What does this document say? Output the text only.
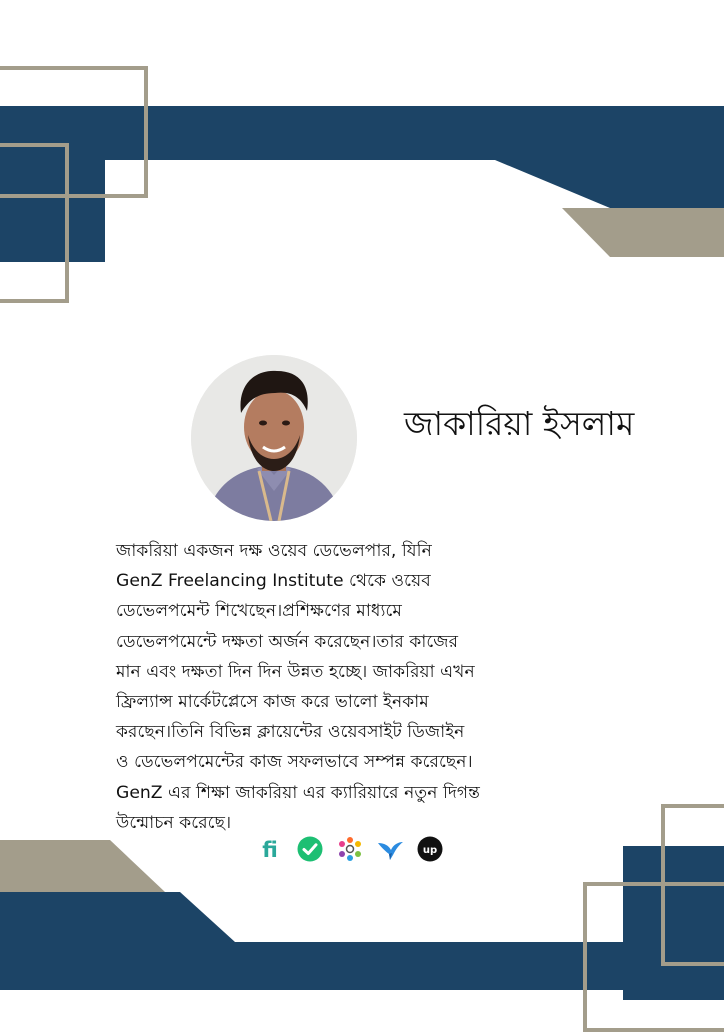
জাকারিয়া ইসলাম

জাকরিয়া একজন দক্ষ ওয়েব ডেভেলপার, যিনি
GenZ Freelancing Institute থেকে ওয়েব
ডেভেলপমেন্ট শিখেছেন।প্রশিক্ষণের মাধ্যমে
ডেভেলপমেন্টে দক্ষতা অর্জন করেছেন।তার কাজের
মান এবং দক্ষতা দিন দিন উন্নত হচ্ছে। জাকরিয়া এখন
ফ্রিল্যান্স মার্কেটপ্লেসে কাজ করে ভালো ইনকাম
করছেন।তিনি বিভিন্ন ক্লায়েন্টের ওয়েবসাইট ডিজাইন
ও ডেভেলপমেন্টের কাজ সফলভাবে সম্পন্ন করেছেন।
GenZ এর শিক্ষা জাকরিয়া এর ক্যারিয়ারে নতুন দিগন্ত
উন্মোচন করেছে।

fi	up
